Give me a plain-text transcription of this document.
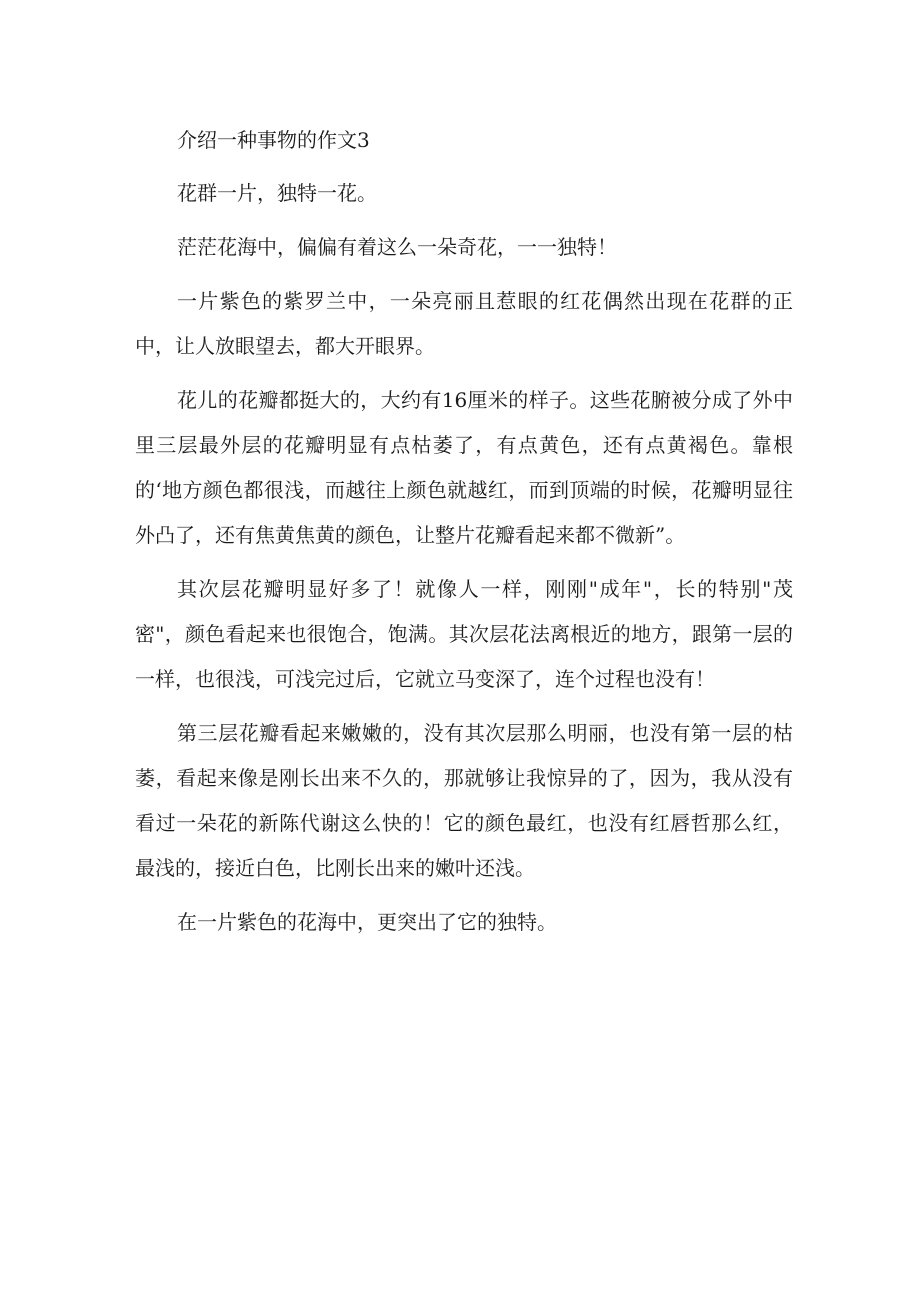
介绍一种事物的作文3

花群一片，独特一花。

茫茫花海中，偏偏有着这么一朵奇花，一一独特！

一片紫色的紫罗兰中，一朵亮丽且惹眼的红花偶然出现在花群的正中，让人放眼望去，都大开眼界。

花儿的花瓣都挺大的，大约有16厘米的样子。这些花腑被分成了外中里三层最外层的花瓣明显有点枯萎了，有点黄色，还有点黄褐色。靠根的‘地方颜色都很浅，而越往上颜色就越红，而到顶端的时候，花瓣明显往外凸了，还有焦黄焦黄的颜色，让整片花瓣看起来都不微新”。

其次层花瓣明显好多了！就像人一样，刚刚"成年"，长的特别"茂密"，颜色看起来也很饱合，饱满。其次层花法离根近的地方，跟第一层的一样，也很浅，可浅完过后，它就立马变深了，连个过程也没有！

第三层花瓣看起来嫩嫩的，没有其次层那么明丽，也没有第一层的枯萎，看起来像是刚长出来不久的，那就够让我惊异的了，因为，我从没有看过一朵花的新陈代谢这么快的！它的颜色最红，也没有红唇哲那么红，最浅的，接近白色，比刚长出来的嫩叶还浅。

在一片紫色的花海中，更突出了它的独特。
